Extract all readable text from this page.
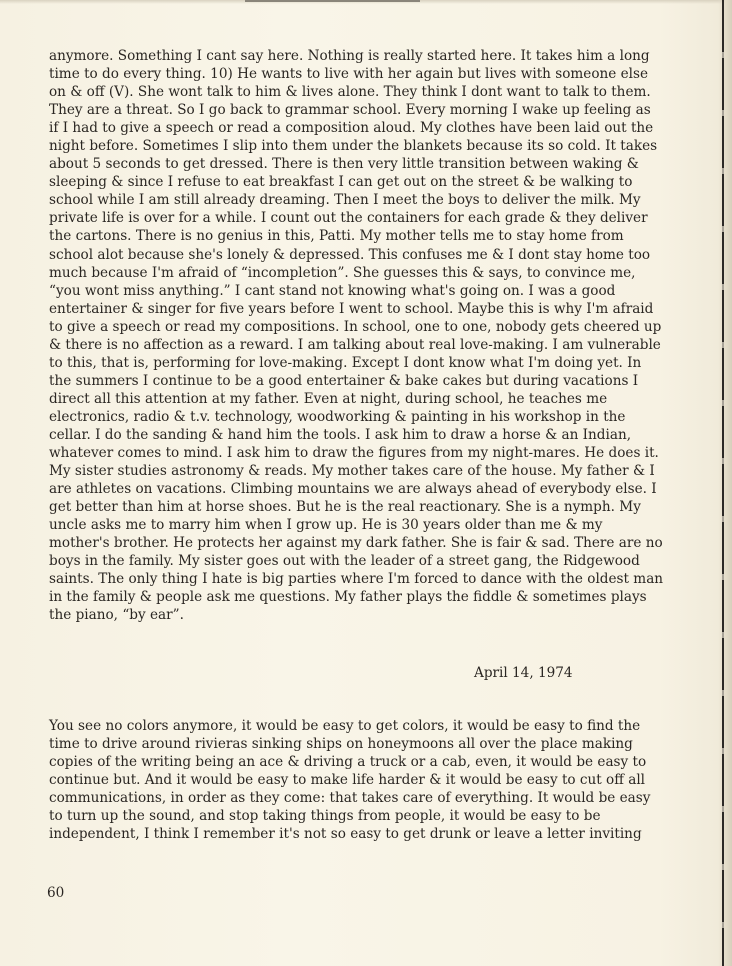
anymore. Something I cant say here. Nothing is really started here. It takes him a long time to do every thing. 10) He wants to live with her again but lives with someone else on & off (V). She wont talk to him & lives alone. They think I dont want to talk to them. They are a threat. So I go back to grammar school. Every morning I wake up feeling as if I had to give a speech or read a composition aloud. My clothes have been laid out the night before. Sometimes I slip into them under the blankets because its so cold. It takes about 5 seconds to get dressed. There is then very little transition between waking & sleeping & since I refuse to eat breakfast I can get out on the street & be walking to school while I am still already dreaming. Then I meet the boys to deliver the milk. My private life is over for a while. I count out the containers for each grade & they deliver the cartons. There is no genius in this, Patti. My mother tells me to stay home from school alot because she's lonely & depressed. This confuses me & I dont stay home too much because I'm afraid of “incompletion”. She guesses this & says, to convince me, “you wont miss anything.” I cant stand not knowing what's going on. I was a good entertainer & singer for five years before I went to school. Maybe this is why I'm afraid to give a speech or read my compositions. In school, one to one, nobody gets cheered up & there is no affection as a reward. I am talking about real love-making. I am vulnerable to this, that is, performing for love-making. Except I dont know what I'm doing yet. In the summers I continue to be a good entertainer & bake cakes but during vacations I direct all this attention at my father. Even at night, during school, he teaches me electronics, radio & t.v. technology, woodworking & painting in his workshop in the cellar. I do the sanding & hand him the tools. I ask him to draw a horse & an Indian, whatever comes to mind. I ask him to draw the figures from my night-mares. He does it. My sister studies astronomy & reads. My mother takes care of the house. My father & I are athletes on vacations. Climbing mountains we are always ahead of everybody else. I get better than him at horse shoes. But he is the real reactionary. She is a nymph. My uncle asks me to marry him when I grow up. He is 30 years older than me & my mother's brother. He protects her against my dark father. She is fair & sad. There are no boys in the family. My sister goes out with the leader of a street gang, the Ridgewood saints. The only thing I hate is big parties where I'm forced to dance with the oldest man in the family & people ask me questions. My father plays the fiddle & sometimes plays the piano, “by ear”.

April 14, 1974

You see no colors anymore, it would be easy to get colors, it would be easy to find the time to drive around rivieras sinking ships on honeymoons all over the place making copies of the writing being an ace & driving a truck or a cab, even, it would be easy to continue but. And it would be easy to make life harder & it would be easy to cut off all communications, in order as they come: that takes care of everything. It would be easy to turn up the sound, and stop taking things from people, it would be easy to be independent, I think I remember it's not so easy to get drunk or leave a letter inviting

60
